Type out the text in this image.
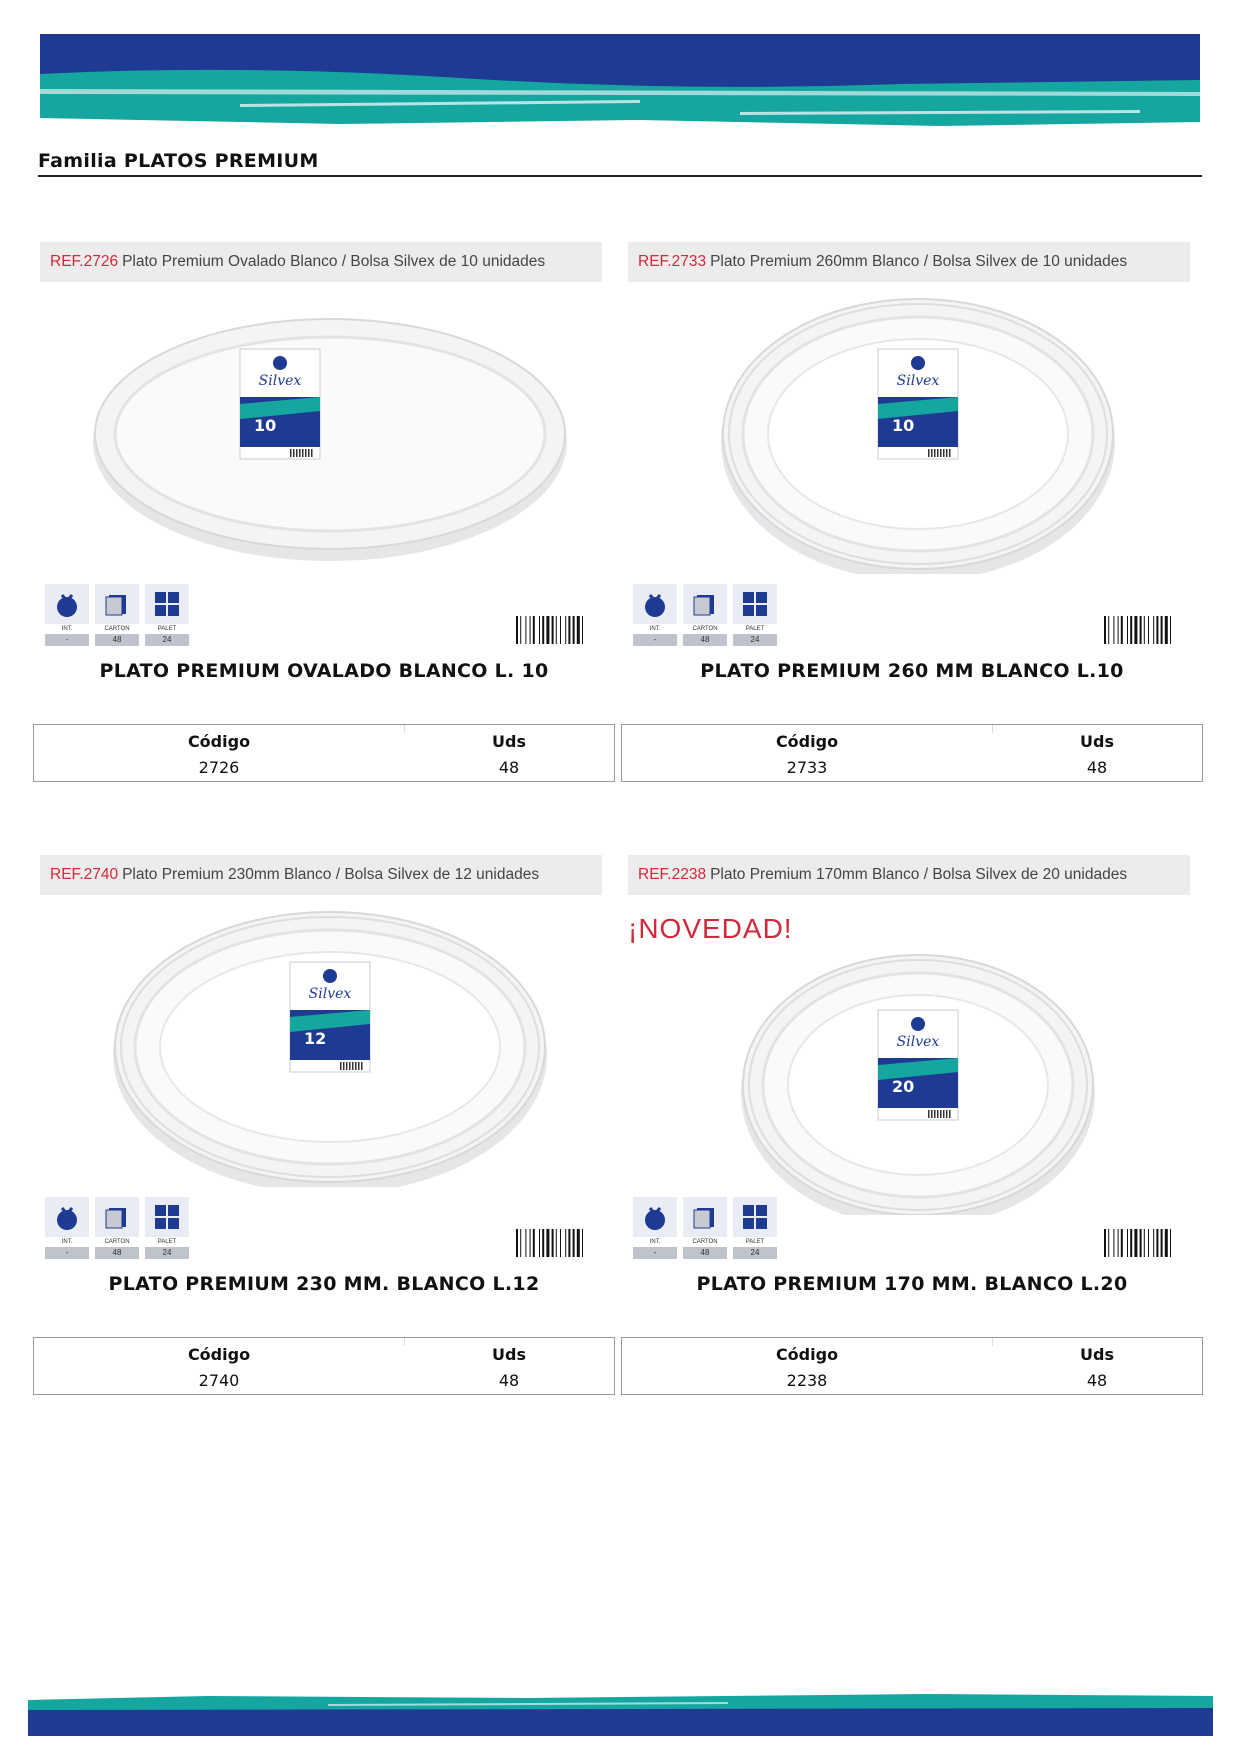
Familia PLATOS PREMIUM
REF.2726 Plato Premium Ovalado Blanco / Bolsa Silvex de 10 unidades
Silvex
10
INT.
-
CARTON
48
PALET
24
PLATO PREMIUM OVALADO BLANCO L. 10
REF.2733 Plato Premium 260mm Blanco / Bolsa Silvex de 10 unidades
Silvex
10
INT.
-
CARTON
48
PALET
24
PLATO PREMIUM 260 MM BLANCO L.10
REF.2740 Plato Premium 230mm Blanco / Bolsa Silvex de 12 unidades
Silvex
12
INT.
-
CARTON
48
PALET
24
PLATO PREMIUM 230 MM. BLANCO L.12
REF.2238 Plato Premium 170mm Blanco / Bolsa Silvex de 20 unidades
¡NOVEDAD!
Silvex
20
INT.
-
CARTON
48
PALET
24
PLATO PREMIUM 170 MM. BLANCO L.20
Código
2726
Uds
48
Código
2733
Uds
48
Código
2740
Uds
48
Código
2238
Uds
48
